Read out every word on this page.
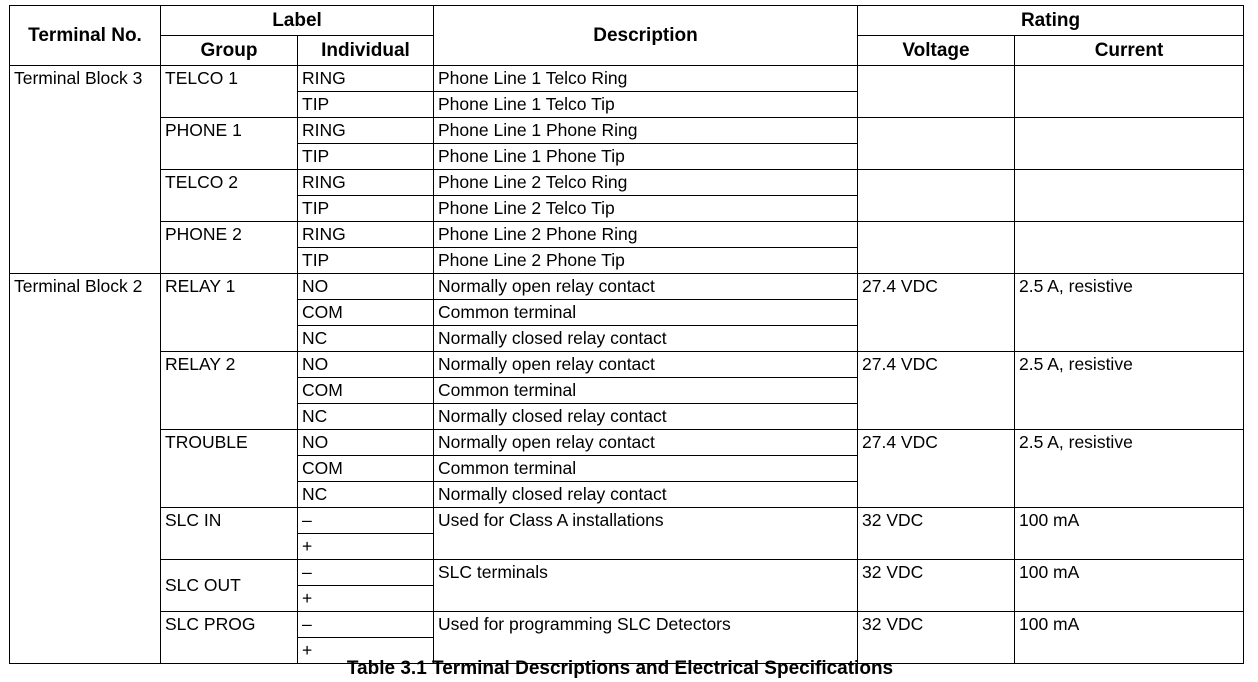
Terminal No.	Label		Description	Rating	
	Group	Individual		Voltage	Current
Terminal Block 3	TELCO 1	RING	Phone Line 1 Telco Ring		
		TIP	Phone Line 1 Telco Tip		
	PHONE 1	RING	Phone Line 1 Phone Ring		
		TIP	Phone Line 1 Phone Tip		
	TELCO 2	RING	Phone Line 2 Telco Ring		
		TIP	Phone Line 2 Telco Tip		
	PHONE 2	RING	Phone Line 2 Phone Ring		
		TIP	Phone Line 2 Phone Tip		
Terminal Block 2	RELAY 1	NO	Normally open relay contact	27.4 VDC	2.5 A, resistive
		COM	Common terminal		
		NC	Normally closed relay contact		
	RELAY 2	NO	Normally open relay contact	27.4 VDC	2.5 A, resistive
		COM	Common terminal		
		NC	Normally closed relay contact		
	TROUBLE	NO	Normally open relay contact	27.4 VDC	2.5 A, resistive
		COM	Common terminal		
		NC	Normally closed relay contact		
	SLC IN	–	Used for Class A installations	32 VDC	100 mA
		+			
	SLC OUT	–	SLC terminals	32 VDC	100 mA
		+			
	SLC PROG	–	Used for programming SLC Detectors	32 VDC	100 mA
		+			
Table 3.1 Terminal Descriptions and Electrical Specifications
